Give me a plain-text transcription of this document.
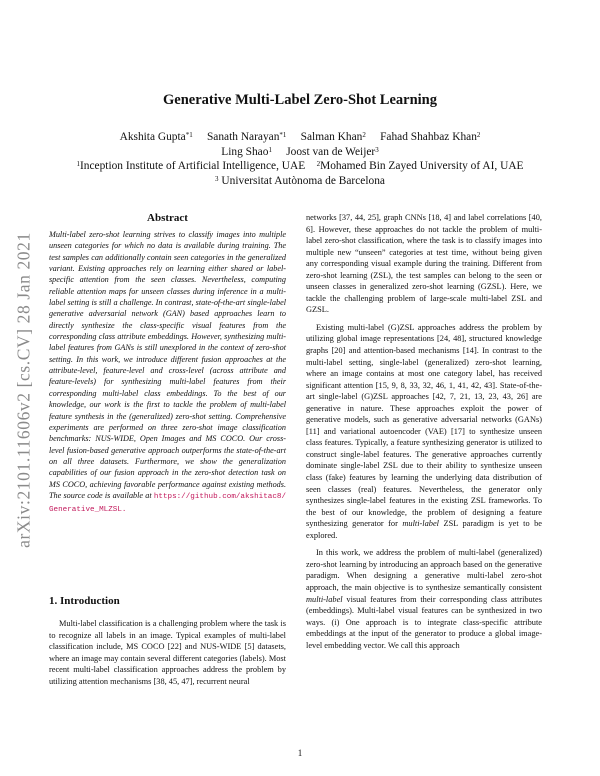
arXiv:2101.11606v2 [cs.CV] 28 Jan 2021
Generative Multi-Label Zero-Shot Learning
Akshita Gupta$^{*1}$ Sanath Narayan$^{*1}$ Salman Khan$^2$ Fahad Shahbaz Khan$^2$
Ling Shao$^1$ Joost van de Weijer$^3$
$^1$Inception Institute of Artificial Intelligence, UAE $^2$Mohamed Bin Zayed University of AI, UAE
$^3$ Universitat Autònoma de Barcelona
Abstract
Multi-label zero-shot learning strives to classify images into multiple unseen categories for which no data is available during training. The test samples can additionally contain seen categories in the generalized variant. Existing approaches rely on learning either shared or label-specific attention from the seen classes. Nevertheless, computing reliable attention maps for unseen classes during inference in a multi-label setting is still a challenge. In contrast, state-of-the-art single-label generative adversarial network (GAN) based approaches learn to directly synthesize the class-specific visual features from the corresponding class attribute embeddings. However, synthesizing multi-label features from GANs is still unexplored in the context of zero-shot setting. In this work, we introduce different fusion approaches at the attribute-level, feature-level and cross-level (across attribute and feature-levels) for synthesizing multi-label features from their corresponding multi-label class embeddings. To the best of our knowledge, our work is the first to tackle the problem of multi-label feature synthesis in the (generalized) zero-shot setting. Comprehensive experiments are performed on three zero-shot image classification benchmarks: NUS-WIDE, Open Images and MS COCO. Our cross-level fusion-based generative approach outperforms the state-of-the-art on all three datasets. Furthermore, we show the generalization capabilities of our fusion approach in the zero-shot detection task on MS COCO, achieving favorable performance against existing methods. The source code is available at https://github.com/akshitac8/Generative_MLZSL.
1. Introduction
Multi-label classification is a challenging problem where the task is to recognize all labels in an image. Typical examples of multi-label classification include, MS COCO [22] and NUS-WIDE [5] datasets, where an image may contain several different categories (labels). Most recent multi-label classification approaches address the problem by utilizing attention mechanisms [38, 45, 47], recurrent neural

networks [37, 44, 25], graph CNNs [18, 4] and label correlations [40, 6]. However, these approaches do not tackle the problem of multi-label zero-shot classification, where the task is to classify images into multiple new “unseen” categories at test time, without being given any corresponding visual example during the training. Different from zero-shot learning (ZSL), the test samples can belong to the seen or unseen classes in generalized zero-shot learning (GZSL). Here, we tackle the challenging problem of large-scale multi-label ZSL and GZSL.

Existing multi-label (G)ZSL approaches address the problem by utilizing global image representations [24, 48], structured knowledge graphs [20] and attention-based mechanisms [14]. In contrast to the multi-label setting, single-label (generalized) zero-shot learning, where an image contains at most one category label, has received significant attention [15, 9, 8, 33, 32, 46, 1, 41, 42, 43]. State-of-the-art single-label (G)ZSL approaches [42, 7, 21, 13, 23, 43, 26] are generative in nature. These approaches exploit the power of generative models, such as generative adversarial networks (GANs) [11] and variational autoencoder (VAE) [17] to synthesize unseen class features. Typically, a feature synthesizing generator is utilized to construct single-label features. The generative approaches currently dominate single-label ZSL due to their ability to synthesize unseen class (fake) features by learning the underlying data distribution of seen classes (real) features. Nevertheless, the generator only synthesizes single-label features in the existing ZSL frameworks. To the best of our knowledge, the problem of designing a feature synthesizing generator for multi-label ZSL paradigm is yet to be explored.

In this work, we address the problem of multi-label (generalized) zero-shot learning by introducing an approach based on the generative paradigm. When designing a generative multi-label zero-shot approach, the main objective is to synthesize semantically consistent multi-label visual features from their corresponding class attributes (embeddings). Multi-label visual features can be synthesized in two ways. (i) One approach is to integrate class-specific attribute embeddings at the input of the generator to produce a global image-level embedding vector. We call this approach

1
